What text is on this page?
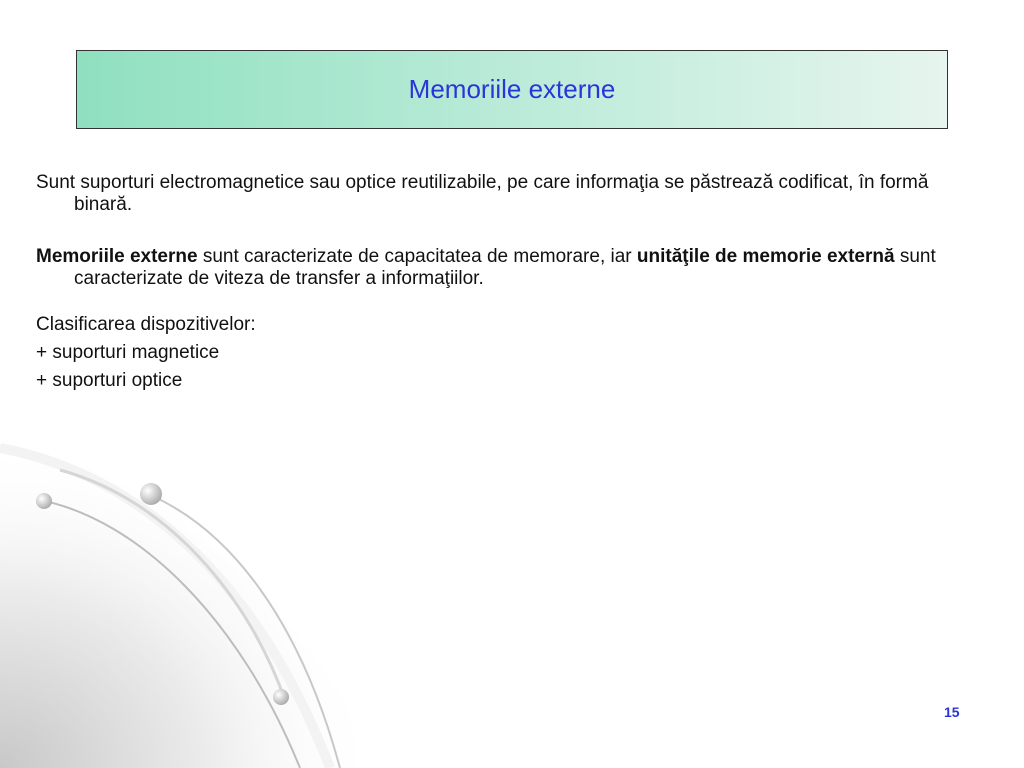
Memoriile externe

Sunt suporturi electromagnetice sau optice reutilizabile, pe care informaţia se păstrează codificat, în formă binară.

Memoriile externe sunt caracterizate de capacitatea de memorare, iar unităţile de memorie externă sunt caracterizate de viteza de transfer a informaţiilor.

Clasificarea dispozitivelor:

+ suporturi magnetice

+ suporturi optice

15
